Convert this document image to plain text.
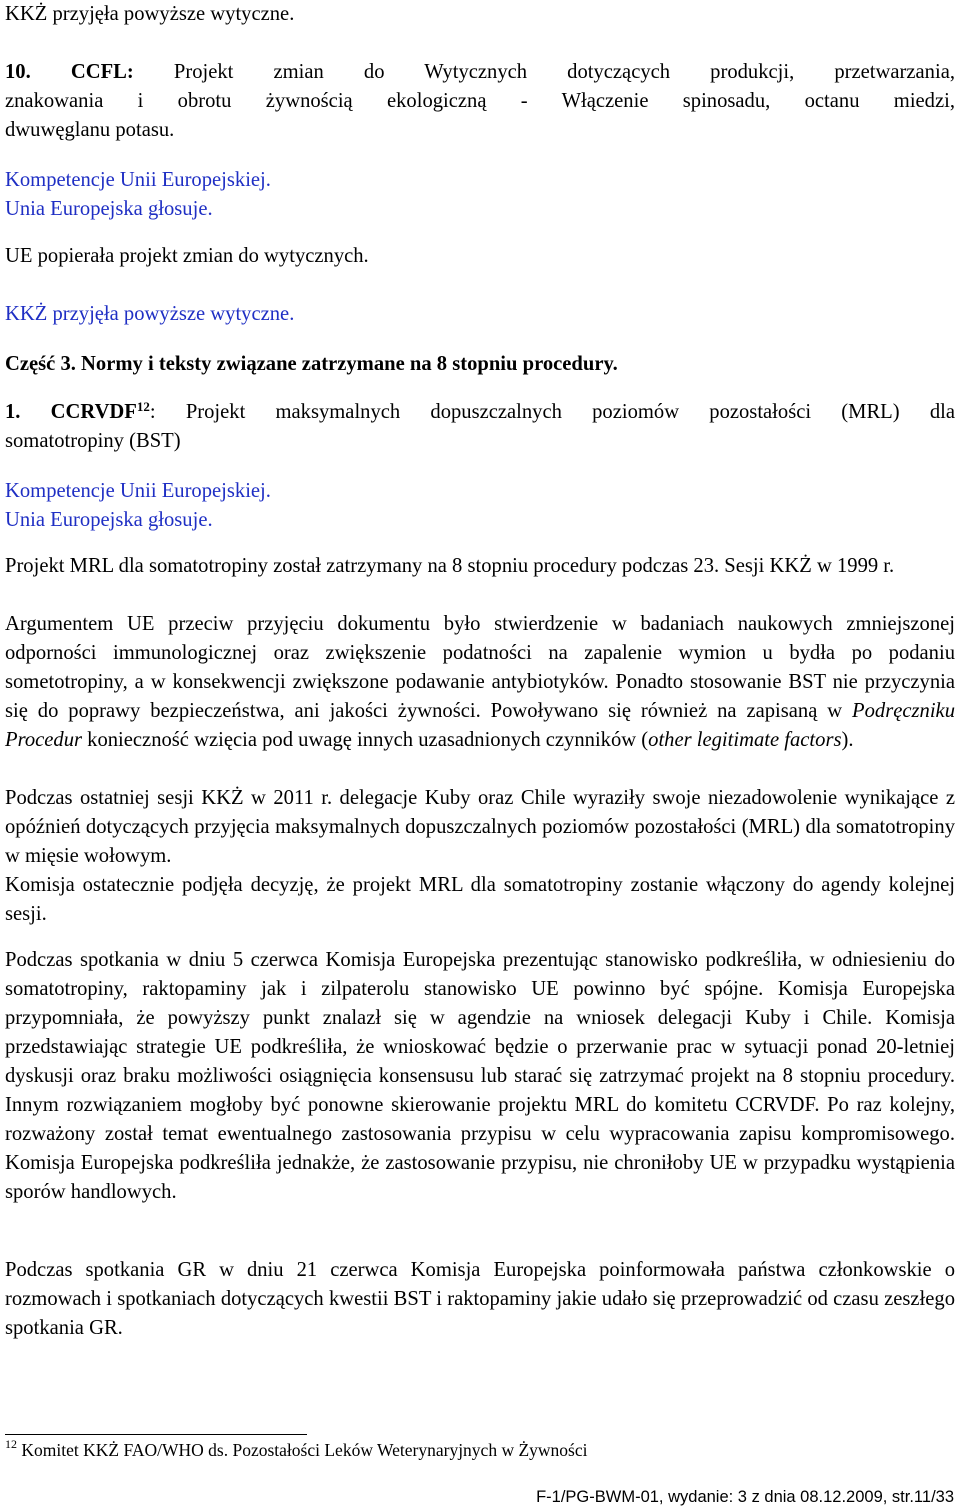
KKŻ przyjęła powyższe wytyczne.

10. CCFL: Projekt zmian do Wytycznych dotyczących produkcji, przetwarzania,
znakowania i obrotu żywnością ekologiczną - Włączenie spinosadu, octanu miedzi,
dwuwęglanu potasu.
Kompetencje Unii Europejskiej.
Unia Europejska głosuje.

UE popierała projekt zmian do wytycznych.

KKŻ przyjęła powyższe wytyczne.

Część 3. Normy i teksty związane zatrzymane na 8 stopniu procedury.

1. CCRVDF$^{12}$: Projekt maksymalnych dopuszczalnych poziomów pozostałości (MRL) dla
somatotropiny (BST)
Kompetencje Unii Europejskiej.
Unia Europejska głosuje.

Projekt MRL dla somatotropiny został zatrzymany na 8 stopniu procedury podczas 23. Sesji KKŻ w 1999 r.

Argumentem UE przeciw przyjęciu dokumentu było stwierdzenie w badaniach naukowych zmniejszonej odporności immunologicznej oraz zwiększenie podatności na zapalenie wymion u bydła po podaniu sometotropiny, a w konsekwencji zwiększone podawanie antybiotyków. Ponadto stosowanie BST nie przyczynia się do poprawy bezpieczeństwa, ani jakości żywności. Powoływano się również na zapisaną w Podręczniku Procedur konieczność wzięcia pod uwagę innych uzasadnionych czynników (other legitimate factors).

Podczas ostatniej sesji KKŻ w 2011 r. delegacje Kuby oraz Chile wyraziły swoje niezadowolenie wynikające z opóźnień dotyczących przyjęcia maksymalnych dopuszczalnych poziomów pozostałości (MRL) dla somatotropiny w mięsie wołowym.

Komisja ostatecznie podjęła decyzję, że projekt MRL dla somatotropiny zostanie włączony do agendy kolejnej sesji.

Podczas spotkania w dniu 5 czerwca Komisja Europejska prezentując stanowisko podkreśliła, w odniesieniu do somatotropiny, raktopaminy jak i zilpaterolu stanowisko UE powinno być spójne. Komisja Europejska przypomniała, że powyższy punkt znalazł się w agendzie na wniosek delegacji Kuby i Chile. Komisja przedstawiając strategie UE podkreśliła, że wnioskować będzie o przerwanie prac w sytuacji ponad 20-letniej dyskusji oraz braku możliwości osiągnięcia konsensusu lub starać się zatrzymać projekt na 8 stopniu procedury. Innym rozwiązaniem mogłoby być ponowne skierowanie projektu MRL do komitetu CCRVDF. Po raz kolejny, rozważony został temat ewentualnego zastosowania przypisu w celu wypracowania zapisu kompromisowego. Komisja Europejska podkreśliła jednakże, że zastosowanie przypisu, nie chroniłoby UE w przypadku wystąpienia sporów handlowych.

Podczas spotkania GR w dniu 21 czerwca Komisja Europejska poinformowała państwa członkowskie o rozmowach i spotkaniach dotyczących kwestii BST i raktopaminy jakie udało się przeprowadzić od czasu zeszłego spotkania GR.

$^{12}$ Komitet KKŻ FAO/WHO ds. Pozostałości Leków Weterynaryjnych w Żywności
F-1/PG-BWM-01, wydanie: 3 z dnia 08.12.2009, str.11/33
